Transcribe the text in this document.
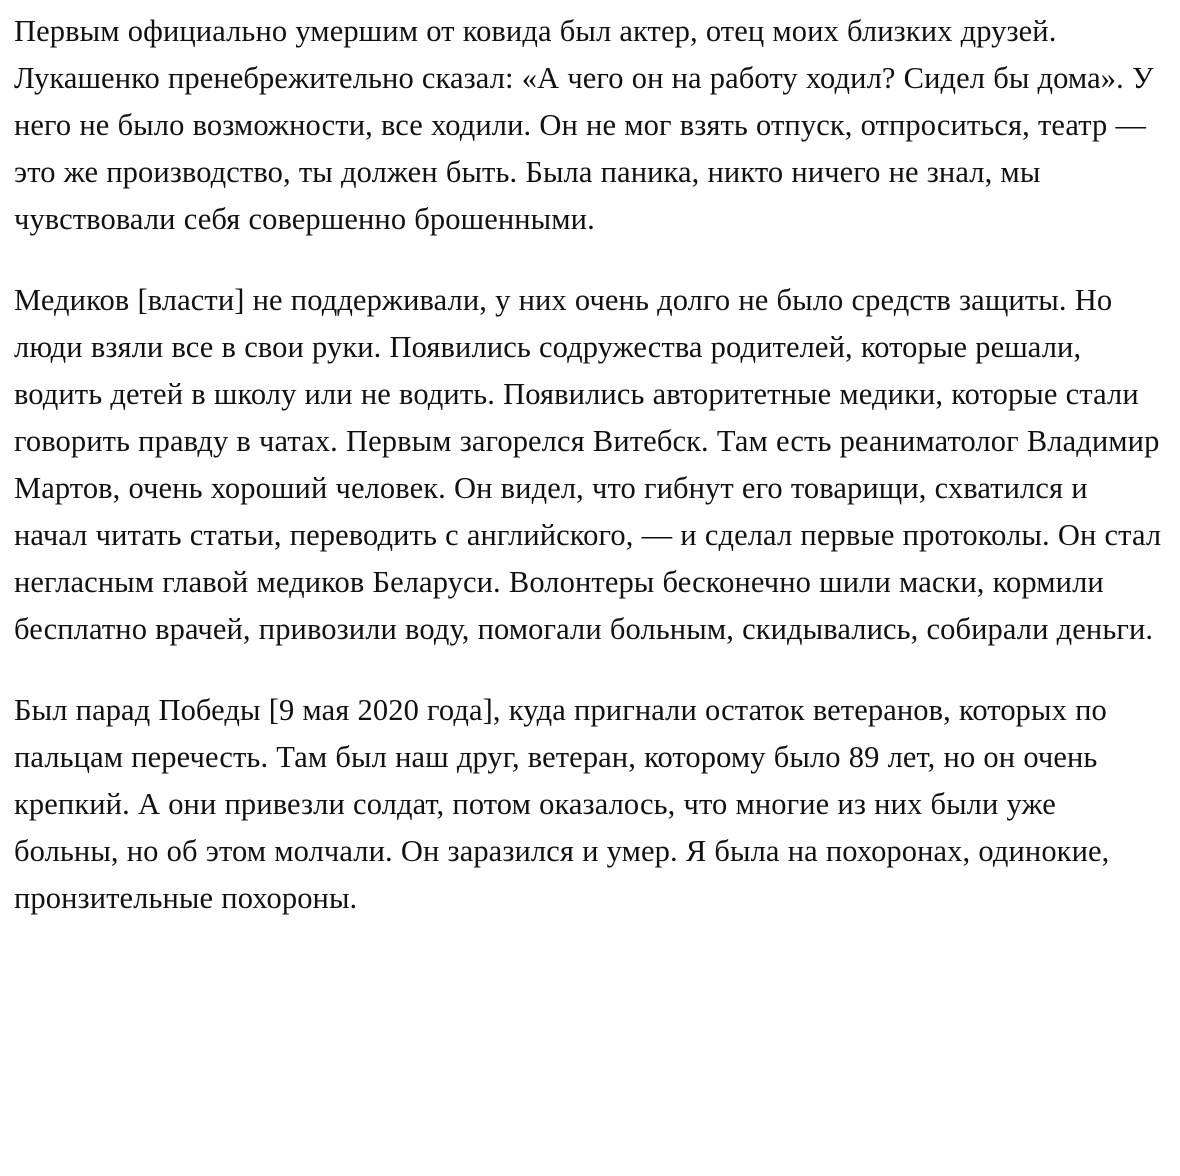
Первым официально умершим от ковида был актер, отец моих близких друзей. Лукашенко пренебрежительно сказал: «А чего он на работу ходил? Сидел бы дома». У него не было возможности, все ходили. Он не мог взять отпуск, отпроситься, театр — это же производство, ты должен быть. Была паника, никто ничего не знал, мы чувствовали себя совершенно брошенными.

Медиков [власти] не поддерживали, у них очень долго не было средств защиты. Но люди взяли все в свои руки. Появились содружества родителей, которые решали, водить детей в школу или не водить. Появились авторитетные медики, которые стали говорить правду в чатах. Первым загорелся Витебск. Там есть реаниматолог Владимир Мартов, очень хороший человек. Он видел, что гибнут его товарищи, схватился и начал читать статьи, переводить с английского, — и сделал первые протоколы. Он стал негласным главой медиков Беларуси. Волонтеры бесконечно шили маски, кормили бесплатно врачей, привозили воду, помогали больным, скидывались, собирали деньги.

Был парад Победы [9 мая 2020 года], куда пригнали остаток ветеранов, которых по пальцам перечесть. Там был наш друг, ветеран, которому было 89 лет, но он очень крепкий. А они привезли солдат, потом оказалось, что многие из них были уже больны, но об этом молчали. Он заразился и умер. Я была на похоронах, одинокие, пронзительные похороны.
